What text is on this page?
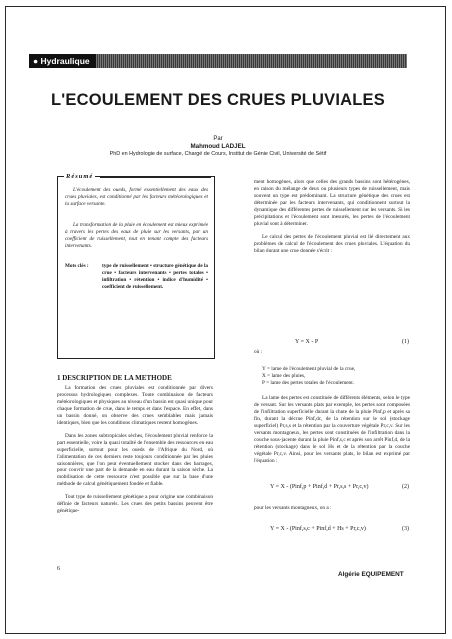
● Hydraulique
L'ECOULEMENT DES CRUES PLUVIALES
Par
Mahmoud LADJEL
PhD en Hydrologie de surface, Chargé de Cours, Institut de Génie Civil, Université de Sétif
Résumé
L'écoulement des oueds, formé essentiellement des eaux des crues pluviales, est conditionné par les facteurs météorologiques et la surface versante.
La transformation de la pluie en écoulement est mieux exprimée à travers les pertes des eaux de pluie sur les versants, par un coefficient de ruissellement, tout en tenant compte des facteurs intervenants.
Mots clés :	type de ruissellement • structure génétique de la crue • facteurs intervenants • pertes totales • infiltration • rétention • indice d'humidité • coefficient de ruissellement.
1 DESCRIPTION DE LA METHODE

La formation des crues pluviales est conditionnée par divers processus hydrologiques complexes. Toute combinaison de facteurs météorologiques et physiques au niveau d'un bassin est quasi unique pour chaque formation de crue, dans le temps et dans l'espace. En effet, dans un bassin donné, on observe des crues semblables mais jamais identiques, bien que les conditions climatiques restent homogènes.

Dans les zones subtropicales sèches, l'écoulement pluvial renforce la part essentielle, voire la quasi totalité de l'ensemble des ressources en eau superficielle, surtout pour les oueds de l'Afrique du Nord, où l'alimentation de ces derniers reste toujours conditionnée par les pluies saisonnières, que l'on peut éventuellement stocker dans des barrages, pour couvrir une part de la demande en eau durant la saison sèche. La mobilisation de cette ressource n'est possible que sur la base d'une méthode de calcul génétiquement fondée et fiable.

Tout type de ruissellement génétique a pour origine une combinaison définie de facteurs naturels. Les crues des petits bassins peuvent être génétique-

ment homogènes, alors que celles des grands bassins sont hétérogènes, en raison du mélange de deux ou plusieurs types de ruissellement, mais souvent un type est prédominant. La structure génétique des crues est déterminée par les facteurs intervenants, qui conditionnent surtout la dynamique des différentes pertes de ruissellement sur les versants. Si les précipitations et l'écoulement sont mesurés, les pertes de l'écoulement pluvial sont à déterminer.

Le calcul des pertes de l'écoulement pluvial est lié directement aux problèmes de calcul de l'écoulement des crues pluviales. L'équation du bilan durant une crue donnée s'écrit :

Y = X - P	(1)
où :
Y = lame de l'écoulement pluvial de la crue,
X = lame des pluies,
P = lame des pertes totales de l'écoulement.

La lame des pertes est constituée de différents éléments, selon le type de versant. Sur les versants plats par exemple, les pertes sont composées de l'infiltration superficielle durant la chute de la pluie Pinf,p et après sa fin, durant la décrue Pinf,dc, de la rétention sur le sol (stockage superficiel) Pr,s,s et la rétention par la couverture végétale Pr,c,v. Sur les versants montagneux, les pertes sont constituées de l'infiltration dans la couche sous-jacente durant la pluie Pinf,s,c et après son arrêt Pinf,d, de la rétention (stockage) dans le sol Hs et de la rétention par la couche végétale Pr,c,v. Ainsi, pour les versants plats, le bilan est exprimé par l'équation :

Y = X - (Pinf,p + Pinf,d + Pr,s,s + Pr,c,v)	(2)
pour les versants montagneux, on a :
Y = X - (Pinf,s,c + Pinf,d + Hs + Pr,c,v)	(3)
6
Algérie EQUIPEMENT
